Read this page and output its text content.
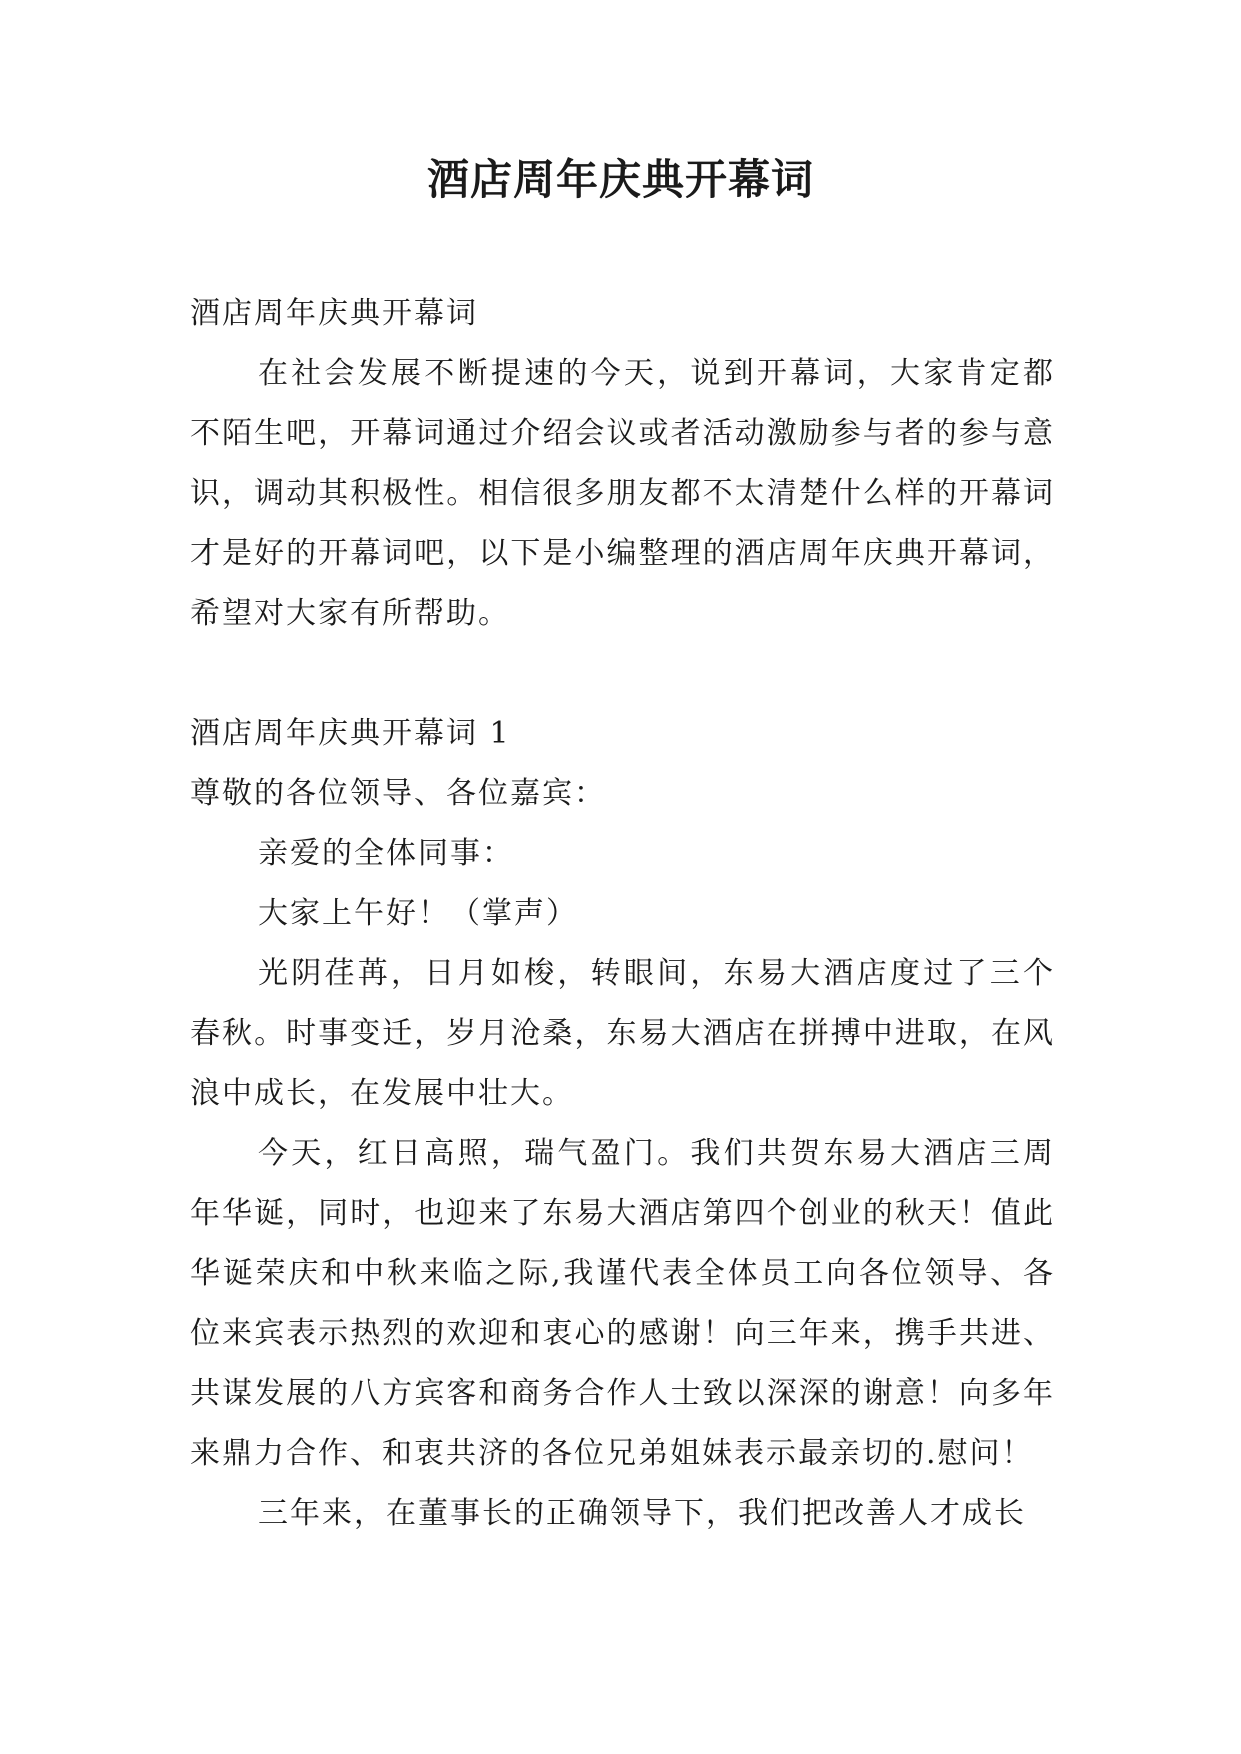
酒店周年庆典开幕词

酒店周年庆典开幕词

在社会发展不断提速的今天，说到开幕词，大家肯定都不陌生吧，开幕词通过介绍会议或者活动激励参与者的参与意识，调动其积极性。相信很多朋友都不太清楚什么样的开幕词才是好的开幕词吧，以下是小编整理的酒店周年庆典开幕词，希望对大家有所帮助。

酒店周年庆典开幕词 1

尊敬的各位领导、各位嘉宾：

亲爱的全体同事：

大家上午好！（掌声）

光阴荏苒，日月如梭，转眼间，东易大酒店度过了三个春秋。时事变迁，岁月沧桑，东易大酒店在拼搏中进取，在风浪中成长，在发展中壮大。

今天，红日高照，瑞气盈门。我们共贺东易大酒店三周年华诞，同时，也迎来了东易大酒店第四个创业的秋天！值此华诞荣庆和中秋来临之际,我谨代表全体员工向各位领导、各位来宾表示热烈的欢迎和衷心的感谢！向三年来，携手共进、共谋发展的八方宾客和商务合作人士致以深深的谢意！向多年来鼎力合作、和衷共济的各位兄弟姐妹表示最亲切的.慰问！

三年来，在董事长的正确领导下，我们把改善人才成长
